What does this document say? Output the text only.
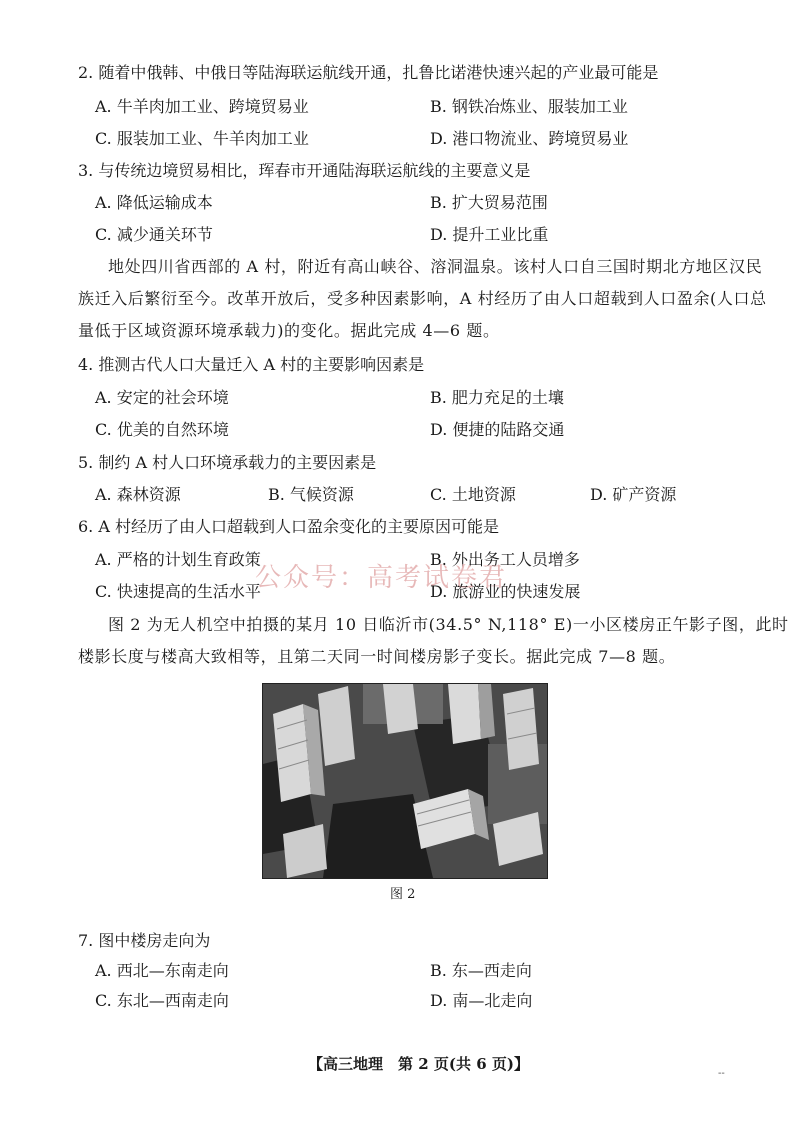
2. 随着中俄韩、中俄日等陆海联运航线开通，扎鲁比诺港快速兴起的产业最可能是
A. 牛羊肉加工业、跨境贸易业	B. 钢铁冶炼业、服装加工业
C. 服装加工业、牛羊肉加工业	D. 港口物流业、跨境贸易业
3. 与传统边境贸易相比，珲春市开通陆海联运航线的主要意义是
A. 降低运输成本	B. 扩大贸易范围
C. 减少通关环节	D. 提升工业比重
地处四川省西部的 A 村，附近有高山峡谷、溶洞温泉。该村人口自三国时期北方地区汉民
族迁入后繁衍至今。改革开放后，受多种因素影响，A 村经历了由人口超载到人口盈余(人口总
量低于区域资源环境承载力)的变化。据此完成 4—6 题。
4. 推测古代人口大量迁入 A 村的主要影响因素是
A. 安定的社会环境	B. 肥力充足的土壤
C. 优美的自然环境	D. 便捷的陆路交通
5. 制约 A 村人口环境承载力的主要因素是
A. 森林资源	B. 气候资源	C. 土地资源	D. 矿产资源
6. A 村经历了由人口超载到人口盈余变化的主要原因可能是
A. 严格的计划生育政策	B. 外出务工人员增多
公众号：高考试卷君
C. 快速提高的生活水平	D. 旅游业的快速发展
图 2 为无人机空中拍摄的某月 10 日临沂市(34.5° N,118° E)一小区楼房正午影子图，此时
楼影长度与楼高大致相等，且第二天同一时间楼房影子变长。据此完成 7—8 题。
图 2
7. 图中楼房走向为
A. 西北—东南走向	B. 东—西走向
C. 东北—西南走向	D. 南—北走向
【高三地理　第 2 页(共 6 页)】
--
